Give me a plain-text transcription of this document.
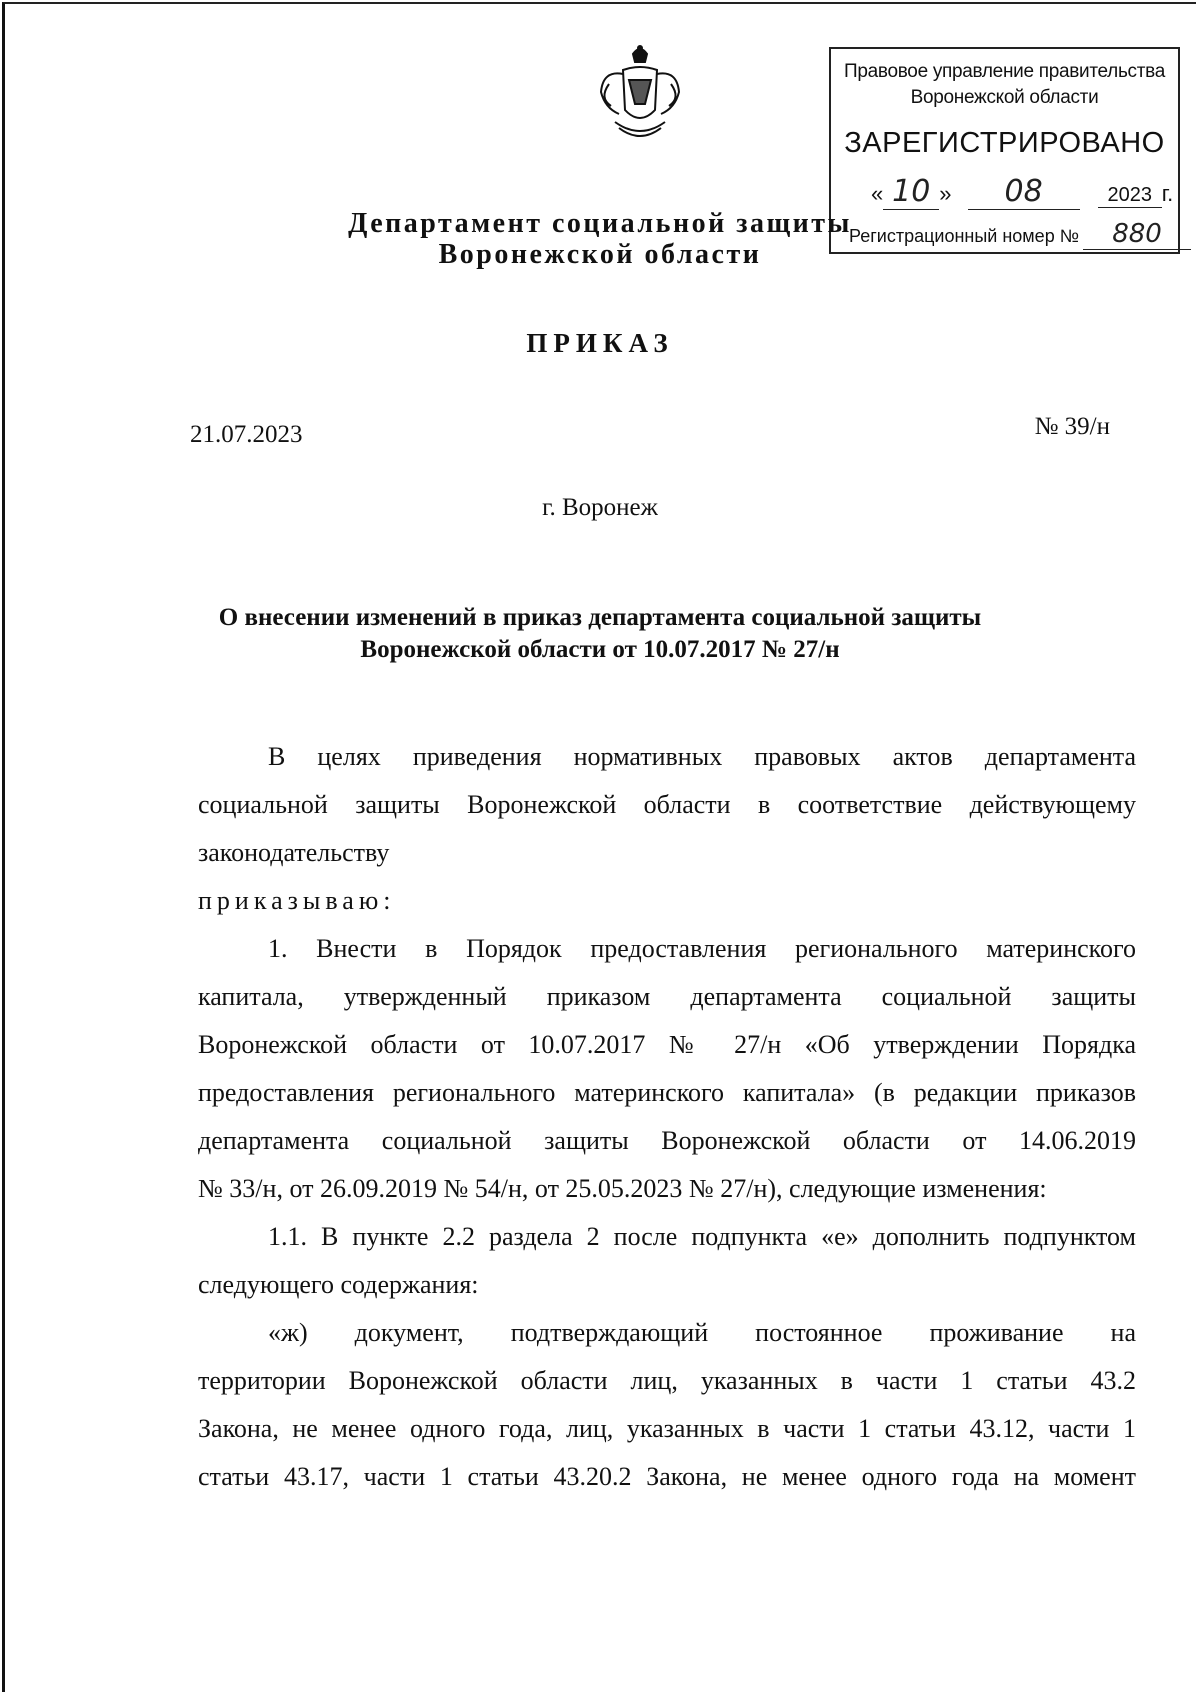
Правовое управление правительства
Воронежской области
ЗАРЕГИСТРИРОВАНО
« 10 » 08	2023 г.
Регистрационный номер № 880
Департамент социальной защиты
Воронежской области
ПРИКАЗ
21.07.2023	№ 39/н
г. Воронеж
О внесении изменений в приказ департамента социальной защиты
Воронежской области от 10.07.2017 № 27/н

В целях приведения нормативных правовых актов департамента

социальной защиты Воронежской области в соответствие действующему

законодательству

приказываю:

1. Внести в Порядок предоставления регионального материнского

капитала, утвержденный приказом департамента социальной защиты

Воронежской области от 10.07.2017 № 27/н «Об утверждении Порядка

предоставления регионального материнского капитала» (в редакции приказов

департамента социальной защиты Воронежской области от 14.06.2019

№ 33/н, от 26.09.2019 № 54/н, от 25.05.2023 № 27/н), следующие изменения:

1.1. В пункте 2.2 раздела 2 после подпункта «е» дополнить подпунктом

следующего содержания:

«ж) документ, подтверждающий постоянное проживание на

территории Воронежской области лиц, указанных в части 1 статьи 43.2

Закона, не менее одного года, лиц, указанных в части 1 статьи 43.12, части 1

статьи 43.17, части 1 статьи 43.20.2 Закона, не менее одного года на момент
